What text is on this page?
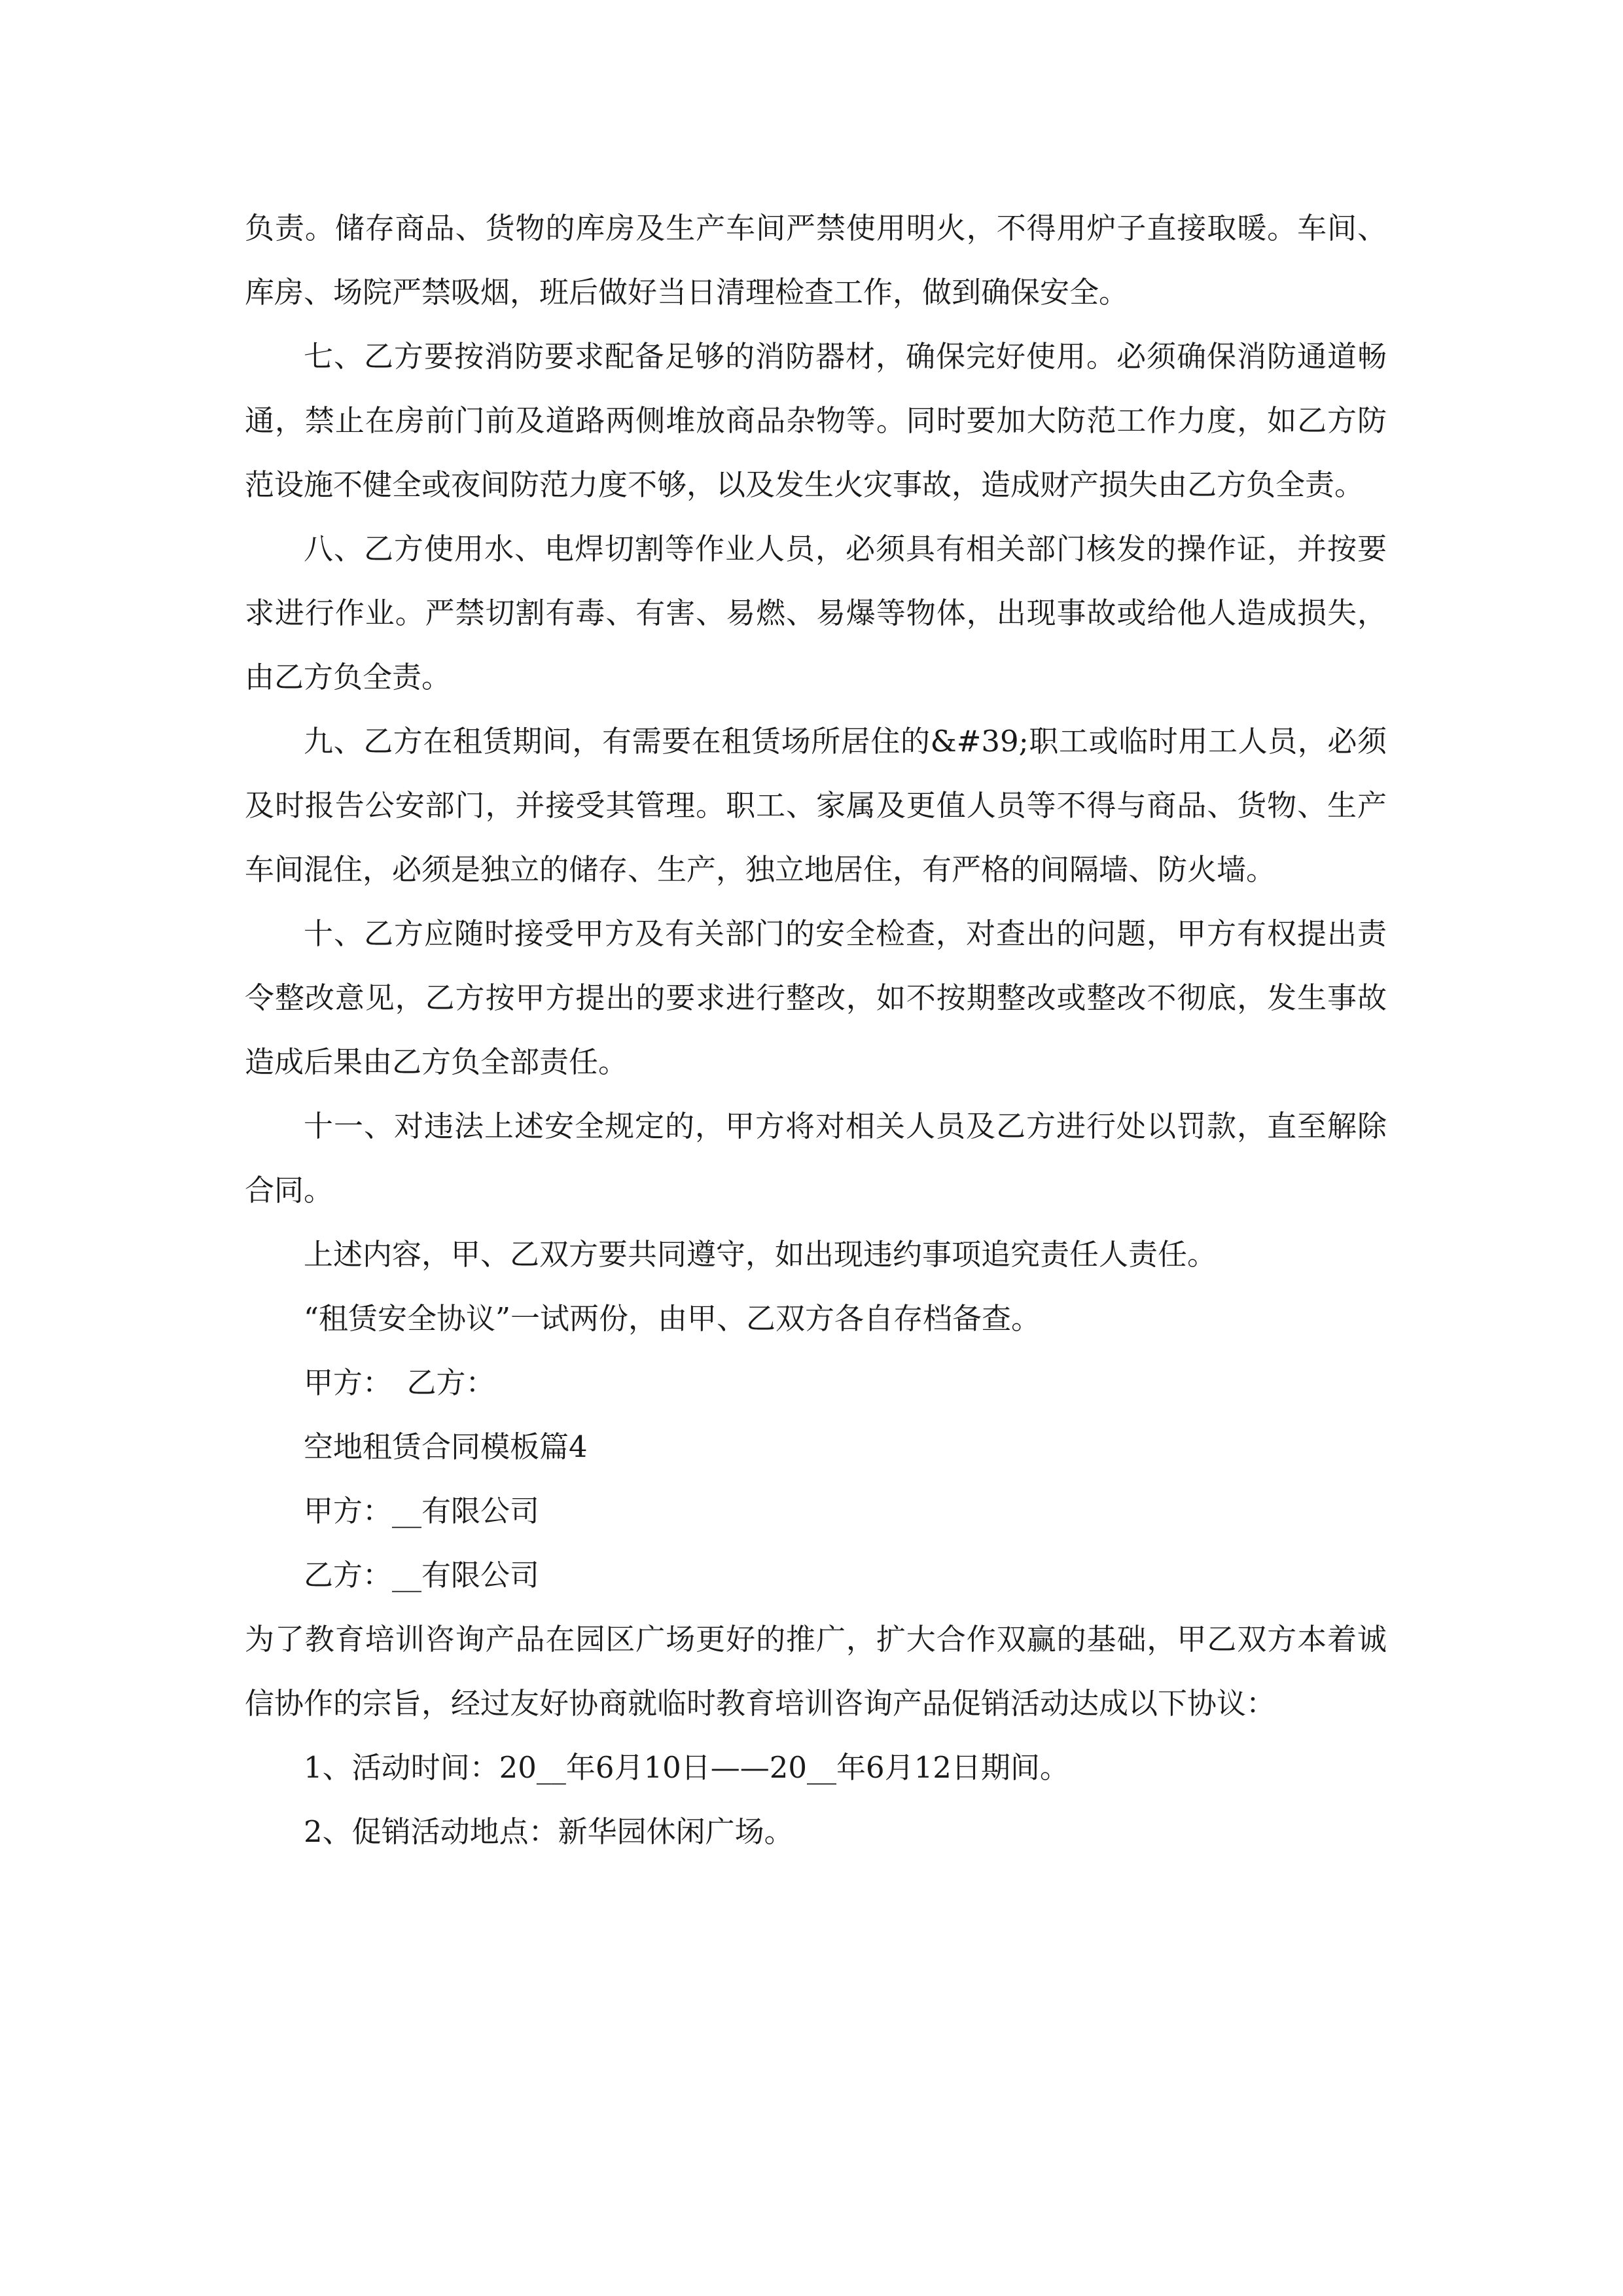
负责。储存商品、货物的库房及生产车间严禁使用明火，不得用炉子直接取暖。车间、库房、场院严禁吸烟，班后做好当日清理检查工作，做到确保安全。

七、乙方要按消防要求配备足够的消防器材，确保完好使用。必须确保消防通道畅通，禁止在房前门前及道路两侧堆放商品杂物等。同时要加大防范工作力度，如乙方防范设施不健全或夜间防范力度不够，以及发生火灾事故，造成财产损失由乙方负全责。

八、乙方使用水、电焊切割等作业人员，必须具有相关部门核发的操作证，并按要求进行作业。严禁切割有毒、有害、易燃、易爆等物体，出现事故或给他人造成损失，由乙方负全责。

九、乙方在租赁期间，有需要在租赁场所居住的&#39;职工或临时用工人员，必须及时报告公安部门，并接受其管理。职工、家属及更值人员等不得与商品、货物、生产车间混住，必须是独立的储存、生产，独立地居住，有严格的间隔墙、防火墙。

十、乙方应随时接受甲方及有关部门的安全检查，对查出的问题，甲方有权提出责令整改意见，乙方按甲方提出的要求进行整改，如不按期整改或整改不彻底，发生事故造成后果由乙方负全部责任。

十一、对违法上述安全规定的，甲方将对相关人员及乙方进行处以罚款，直至解除合同。

上述内容，甲、乙双方要共同遵守，如出现违约事项追究责任人责任。

“租赁安全协议”一试两份，由甲、乙双方各自存档备查。

甲方：　乙方：

空地租赁合同模板篇4

甲方：__有限公司

乙方：__有限公司

为了教育培训咨询产品在园区广场更好的推广，扩大合作双赢的基础，甲乙双方本着诚信协作的宗旨，经过友好协商就临时教育培训咨询产品促销活动达成以下协议：

1、活动时间：20__年6月10日——20__年6月12日期间。

2、促销活动地点：新华园休闲广场。
